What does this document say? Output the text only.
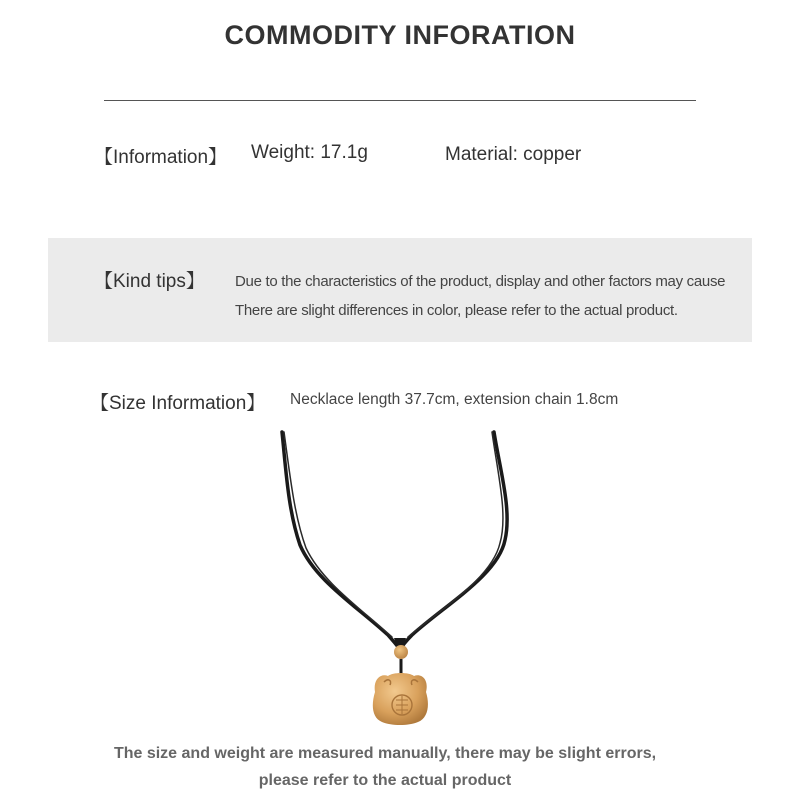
COMMODITY INFORATION
【Information】 Weight: 17.1g	Material: copper
【Kind tips】 Due to the characteristics of the product, display and other factors may cause
There are slight differences in color, please refer to the actual product.
【Size Information】 Necklace length 37.7cm, extension chain 1.8cm
The size and weight are measured manually, there may be slight errors,
please refer to the actual product
